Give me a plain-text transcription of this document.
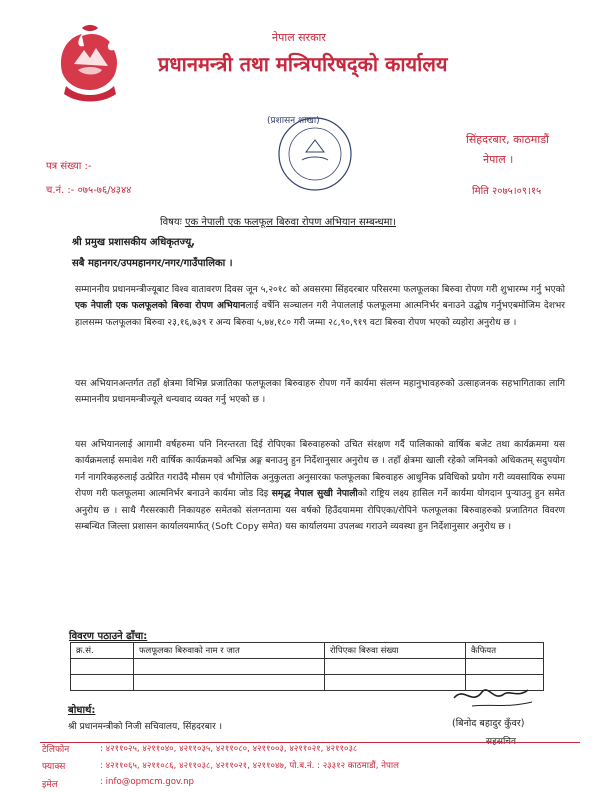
नेपाल सरकार
प्रधानमन्त्री तथा मन्त्रिपरिषद्को कार्यालय
(प्रशासन शाखा)
सिंहदरबार, काठमाडौं
नेपाल ।
पत्र संख्या :-
च.नं. :- ०७५-७६/४३४४	मिति २०७५।०९।१५
विषयः एक नेपाली एक फलफूल बिरुवा रोपण अभियान सम्बन्धमा।
श्री प्रमुख प्रशासकीय अधिकृतज्यू,
सबै महानगर/उपमहानगर/नगर/गाउँपालिका ।
सम्माननीय प्रधानमन्त्रीज्यूबाट विश्व वातावरण दिवस जून ५,२०१८ को अवसरमा सिंहदरबार परिसरमा फलफूलका बिरुवा रोपण गरी शुभारम्भ गर्नु भएको एक नेपाली एक फलफूलको बिरुवा रोपण अभियानलाई वर्षेनि सञ्चालन गरी नेपाललाई फलफूलमा आत्मनिर्भर बनाउने उद्घोष गर्नुभएबमोजिम देशभर हालसम्म फलफूलका बिरुवा २३,१६,७३९ र अन्य बिरुवा ५,७४,१८० गरी जम्मा २८,९०,९१९ वटा बिरुवा रोपण भएको व्यहोरा अनुरोध छ ।
यस अभियानअन्तर्गत तहाँ क्षेत्रमा विभिन्न प्रजातिका फलफूलका बिरुवाहरु रोपण गर्ने कार्यमा संलग्न महानुभावहरुको उत्साहजनक सहभागिताका लागि सम्माननीय प्रधानमन्त्रीज्यूले धन्यवाद व्यक्त गर्नु भएको छ ।
यस अभियानलाई आगामी वर्षहरुमा पनि निरन्तरता दिई रोपिएका बिरुवाहरुको उचित संरक्षण गर्दै पालिकाको वार्षिक बजेट तथा कार्यक्रममा यस कार्यक्रमलाई समावेश गरी वार्षिक कार्यक्रमको अभिन्न अङ्ग बनाउनु हुन निर्देशानुसार अनुरोध छ । तहाँ क्षेत्रमा खाली रहेको जमिनको अधिकतम् सदुपयोग गर्न नागरिकहरुलाई उत्प्रेरित गराउँदै मौसम एवं भौगोलिक अनुकुलता अनुसारका फलफूलका बिरुवाहरु आधुनिक प्रविधिको प्रयोग गरी व्यवसायिक रुपमा रोपण गरी फलफूलमा आत्मनिर्भर बनाउने कार्यमा जोड दिइ समृद्ध नेपाल सुखी नेपालीको राष्ट्रिय लक्ष्य हासिल गर्ने कार्यमा योगदान पुऱ्याउनु हुन समेत अनुरोध छ । साथै गैरसरकारी निकायहरु समेतको संलग्नतामा यस वर्षको हिउँदयाममा रोपिएका/रोपिने फलफूलका बिरुवाहरुको प्रजातिगत विवरण सम्बन्धित जिल्ला प्रशासन कार्यालयमार्फत् (Soft Copy समेत) यस कार्यालयमा उपलब्ध गराउने व्यवस्था हुन निर्देशानुसार अनुरोध छ ।
विवरण पठाउने ढाँचा:
क्र.सं.	फलफूलका बिरुवाको नाम र जात	रोपिएका बिरुवा संख्या	कैफियत

बोधार्थ:
श्री प्रधानमन्त्रीको निजी सचिवालय, सिंहदरबार ।	(बिनोद बहादुर कुँवर)
सहसचिव
टेलिफोन	: ४२११०२५, ४२११०४०, ४२११०३५, ४२११०८०, ४२११००३, ४२११०२१, ४२११०३८
फ्याक्स	: ४२११०६५, ४२११०८६, ४२११०३८, ४२११०२१, ४२११०४७, पो.ब.नं. : २३३१२ काठमाडौं, नेपाल
इमेल	: info@opmcm.gov.np
